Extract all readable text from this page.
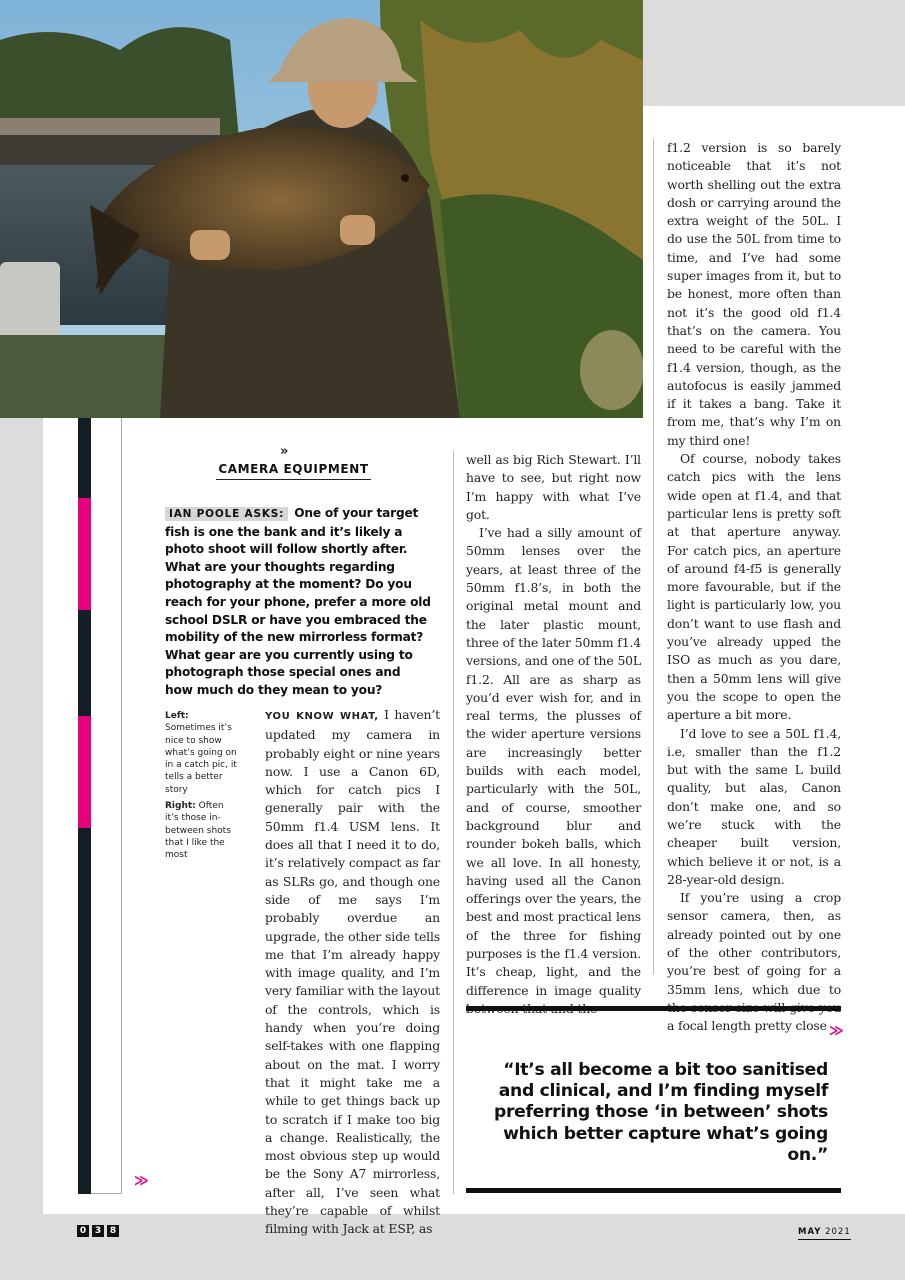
≫
≫
»
CAMERA EQUIPMENT
IAN POOLE ASKS: One of your target fish is one the bank and it’s likely a photo shoot will follow shortly after. What are your thoughts regarding photography at the moment? Do you reach for your phone, prefer a more old school DSLR or have you embraced the mobility of the new mirrorless format? What gear are you currently using to photograph those special ones and how much do they mean to you?

Left:
Sometimes it’s nice to show what’s going on in a catch pic, it tells a better story

Right: Often it’s those in-between shots that I like the most

YOU KNOW WHAT, I haven’t updated my camera in probably eight or nine years now. I use a Canon 6D, which for catch pics I generally pair with the 50mm f1.4 USM lens. It does all that I need it to do, it’s relatively compact as far as SLRs go, and though one side of me says I’m probably overdue an upgrade, the other side tells me that I’m already happy with image quality, and I’m very familiar with the layout of the controls, which is handy when you’re doing self-takes with one flapping about on the mat. I worry that it might take me a while to get things back up to scratch if I make too big a change. Realistically, the most obvious step up would be the Sony A7 mirrorless, after all, I’ve seen what they’re capable of whilst filming with Jack at ESP, as

well as big Rich Stewart. I’ll have to see, but right now I’m happy with what I’ve got.

I’ve had a silly amount of 50mm lenses over the years, at least three of the 50mm f1.8’s, in both the original metal mount and the later plastic mount, three of the later 50mm f1.4 versions, and one of the 50L f1.2. All are as sharp as you’d ever wish for, and in real terms, the plusses of the wider aperture versions are increasingly better builds with each model, particularly with the 50L, and of course, smoother background blur and rounder bokeh balls, which we all love. In all honesty, having used all the Canon offerings over the years, the best and most practical lens of the three for fishing purposes is the f1.4 version. It’s cheap, light, and the difference in image quality

f1.2 version is so barely noticeable that it’s not worth shelling out the extra dosh or carrying around the extra weight of the 50L. I do use the 50L from time to time, and I’ve had some super images from it, but to be honest, more often than not it’s the good old f1.4 that’s on the camera. You need to be careful with the f1.4 version, though, as the autofocus is easily jammed if it takes a bang. Take it from me, that’s why I’m on my third one!

Of course, nobody takes catch pics with the lens wide open at f1.4, and that particular lens is pretty soft at that aperture anyway. For catch pics, an aperture of around f4-f5 is generally more favourable, but if the light is particularly low, you don’t want to use flash and you’ve already upped the ISO as much as you dare, then a 50mm lens will give you the scope to open the aperture a bit more.

I’d love to see a 50L f1.4, i.e, smaller than the f1.2 but with the same L build quality, but alas, Canon don’t make one, and so we’re stuck with the cheaper built version, which believe it or not, is a 28-year-old design.

If you’re using a crop sensor camera, then, as already pointed out by one of the other contributors, you’re best of going for a 35mm lens, which due to a focal length pretty close

“It’s all become a bit too sanitised and clinical, and I’m finding myself preferring those ‘in between’ shots which better capture what’s going on.”
0 3 8	MAY 2021
